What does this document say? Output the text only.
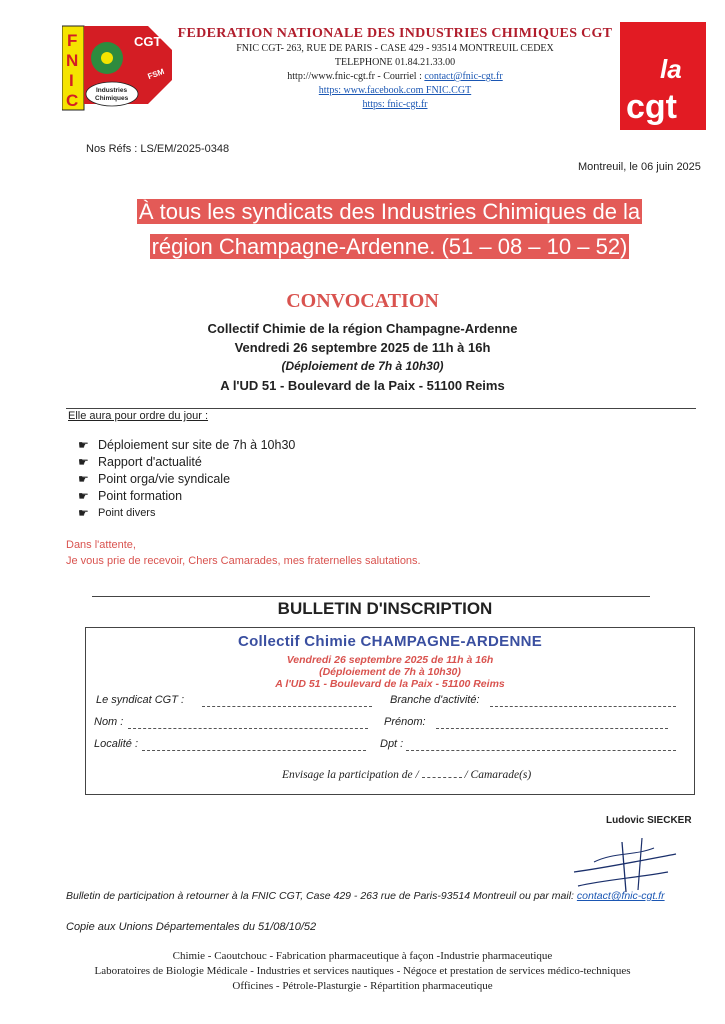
F
N
I
C
CGT
Industries
Chimiques
FSM
FEDERATION NATIONALE DES INDUSTRIES CHIMIQUES CGT
FNIC CGT- 263, RUE DE PARIS - CASE 429 - 93514 MONTREUIL CEDEX
TELEPHONE 01.84.21.33.00
http://www.fnic-cgt.fr - Courriel : contact@fnic-cgt.fr
https: www.facebook.com FNIC.CGT
https: fnic-cgt.fr
la
cgt
Nos Réfs : LS/EM/2025-0348
Montreuil, le 06 juin 2025
À tous les syndicats des Industries Chimiques de la
région Champagne-Ardenne. (51 – 08 – 10 – 52)
CONVOCATION
Collectif Chimie de la région Champagne-Ardenne
Vendredi 26 septembre 2025 de 11h à 16h
(Déploiement de 7h à 10h30)
A l'UD 51 - Boulevard de la Paix - 51100 Reims
Elle aura pour ordre du jour :
☛ Déploiement sur site de 7h à 10h30
☛ Rapport d'actualité
☛ Point orga/vie syndicale
☛ Point formation
☛ Point divers
Dans l'attente,
Je vous prie de recevoir, Chers Camarades, mes fraternelles salutations.
BULLETIN D'INSCRIPTION
Collectif Chimie CHAMPAGNE-ARDENNE
Vendredi 26 septembre 2025 de 11h à 16h
(Déploiement de 7h à 10h30)
A l'UD 51 - Boulevard de la Paix - 51100 Reims
Le syndicat CGT :	Branche d'activité:
Nom :	Prénom:
Localité :	Dpt :
Envisage la participation de /	/ Camarade(s)
Ludovic SIECKER
Bulletin de participation à retourner à la FNIC CGT, Case 429 - 263 rue de Paris-93514 Montreuil ou par mail: contact@fnic-cgt.fr
Copie aux Unions Départementales du 51/08/10/52
Chimie - Caoutchouc - Fabrication pharmaceutique à façon -Industrie pharmaceutique
Laboratoires de Biologie Médicale - Industries et services nautiques - Négoce et prestation de services médico-techniques
Officines - Pétrole-Plasturgie - Répartition pharmaceutique
